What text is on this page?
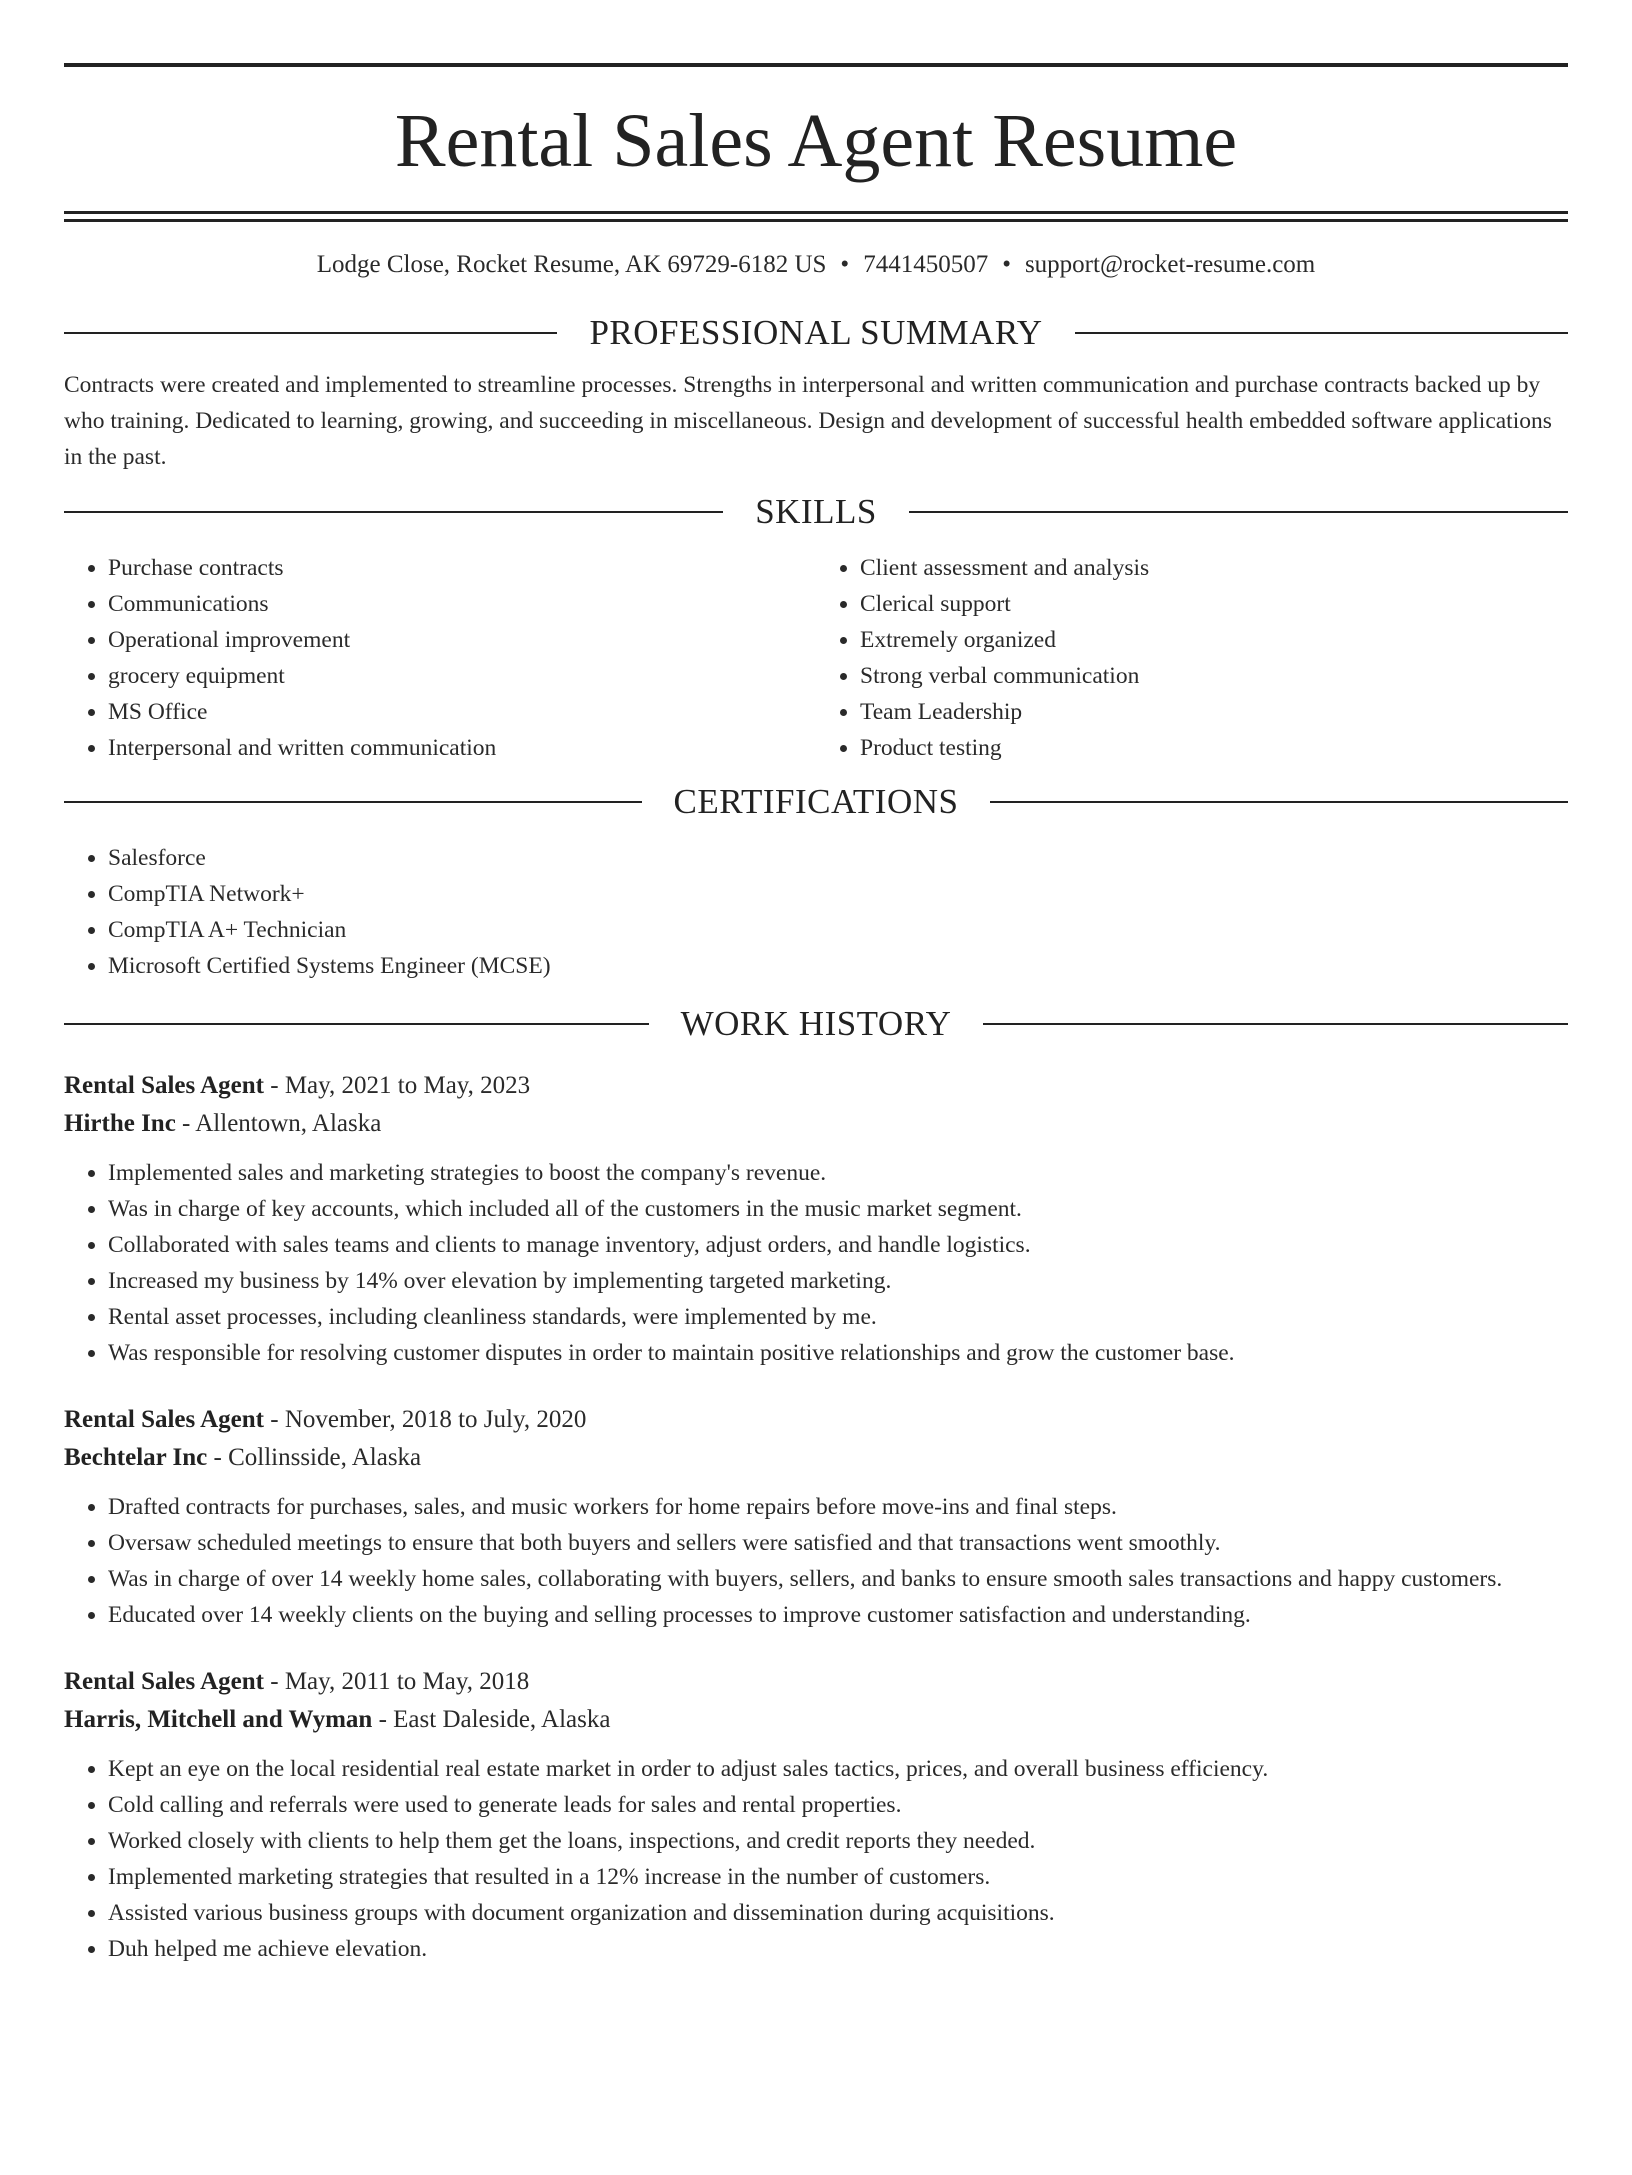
Rental Sales Agent Resume
Lodge Close, Rocket Resume, AK 69729-6182 US • 7441450507 • support@rocket-resume.com
PROFESSIONAL SUMMARY

Contracts were created and implemented to streamline processes. Strengths in interpersonal and written communication and purchase contracts backed up by who training. Dedicated to learning, growing, and succeeding in miscellaneous. Design and development of successful health embedded software applications in the past.

SKILLS
• Purchase contracts
• Communications
• Operational improvement
• grocery equipment
• MS Office
• Interpersonal and written communication
• Client assessment and analysis
• Clerical support
• Extremely organized
• Strong verbal communication
• Team Leadership
• Product testing
CERTIFICATIONS
• Salesforce
• CompTIA Network+
• CompTIA A+ Technician
• Microsoft Certified Systems Engineer (MCSE)
WORK HISTORY
Rental Sales Agent - May, 2021 to May, 2023
Hirthe Inc - Allentown, Alaska
• Implemented sales and marketing strategies to boost the company's revenue.
• Was in charge of key accounts, which included all of the customers in the music market segment.
• Collaborated with sales teams and clients to manage inventory, adjust orders, and handle logistics.
• Increased my business by 14% over elevation by implementing targeted marketing.
• Rental asset processes, including cleanliness standards, were implemented by me.
• Was responsible for resolving customer disputes in order to maintain positive relationships and grow the customer base.
Rental Sales Agent - November, 2018 to July, 2020
Bechtelar Inc - Collinsside, Alaska
• Drafted contracts for purchases, sales, and music workers for home repairs before move-ins and final steps.
• Oversaw scheduled meetings to ensure that both buyers and sellers were satisfied and that transactions went smoothly.
• Was in charge of over 14 weekly home sales, collaborating with buyers, sellers, and banks to ensure smooth sales transactions and happy customers.
• Educated over 14 weekly clients on the buying and selling processes to improve customer satisfaction and understanding.
Rental Sales Agent - May, 2011 to May, 2018
Harris, Mitchell and Wyman - East Daleside, Alaska
• Kept an eye on the local residential real estate market in order to adjust sales tactics, prices, and overall business efficiency.
• Cold calling and referrals were used to generate leads for sales and rental properties.
• Worked closely with clients to help them get the loans, inspections, and credit reports they needed.
• Implemented marketing strategies that resulted in a 12% increase in the number of customers.
• Assisted various business groups with document organization and dissemination during acquisitions.
• Duh helped me achieve elevation.
